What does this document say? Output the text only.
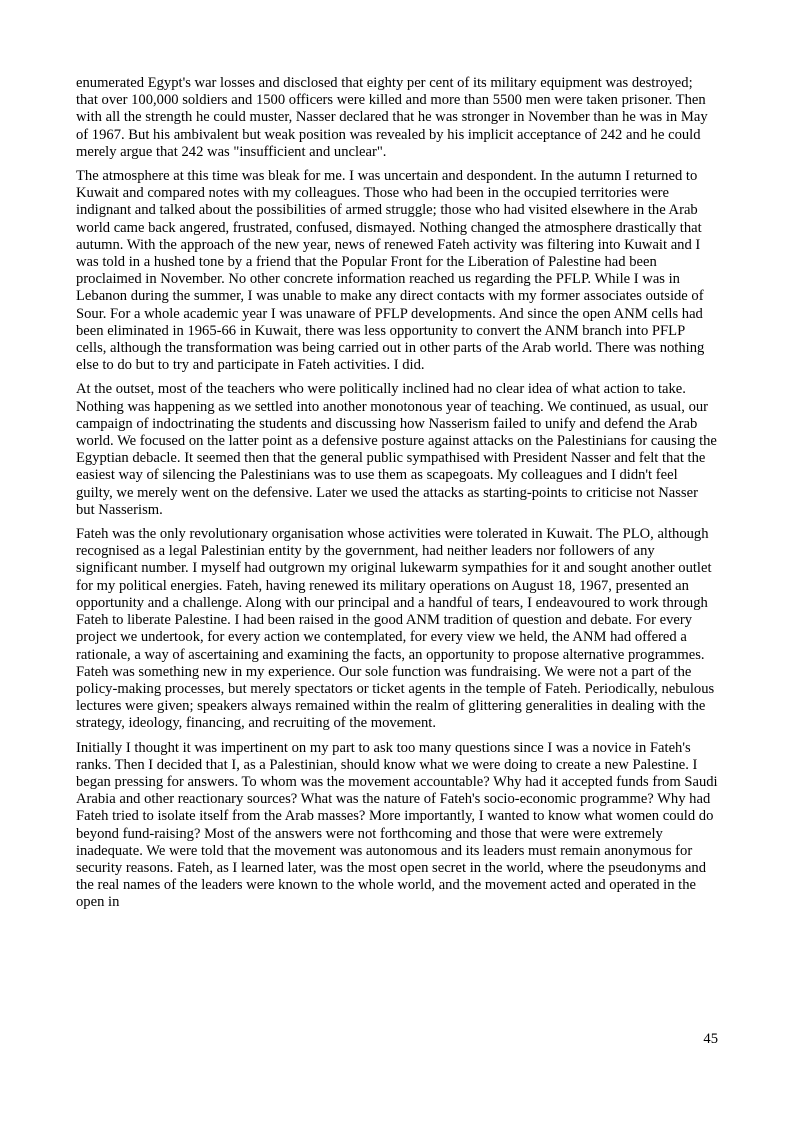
enumerated Egypt's war losses and disclosed that eighty per cent of its military equipment was destroyed; that over 100,000 soldiers and 1500 officers were killed and more than 5500 men were taken prisoner. Then with all the strength he could muster, Nasser declared that he was stronger in November than he was in May of 1967. But his ambivalent but weak position was revealed by his implicit acceptance of 242 and he could merely argue that 242 was "insufficient and unclear".

The atmosphere at this time was bleak for me. I was uncertain and despondent. In the autumn I returned to Kuwait and compared notes with my colleagues. Those who had been in the occupied territories were indignant and talked about the possibilities of armed struggle; those who had visited elsewhere in the Arab world came back angered, frustrated, confused, dismayed. Nothing changed the atmosphere drastically that autumn. With the approach of the new year, news of renewed Fateh activity was filtering into Kuwait and I was told in a hushed tone by a friend that the Popular Front for the Liberation of Palestine had been proclaimed in November. No other concrete information reached us regarding the PFLP. While I was in Lebanon during the summer, I was unable to make any direct contacts with my former associates outside of Sour. For a whole academic year I was unaware of PFLP developments. And since the open ANM cells had been eliminated in 1965-66 in Kuwait, there was less opportunity to convert the ANM branch into PFLP cells, although the transformation was being carried out in other parts of the Arab world. There was nothing else to do but to try and participate in Fateh activities. I did.

At the outset, most of the teachers who were politically inclined had no clear idea of what action to take. Nothing was happening as we settled into another monotonous year of teaching. We continued, as usual, our campaign of indoctrinating the students and discussing how Nasserism failed to unify and defend the Arab world. We focused on the latter point as a defensive posture against attacks on the Palestinians for causing the Egyptian debacle. It seemed then that the general public sympathised with President Nasser and felt that the easiest way of silencing the Palestinians was to use them as scapegoats. My colleagues and I didn't feel guilty, we merely went on the defensive. Later we used the attacks as starting-points to criticise not Nasser but Nasserism.

Fateh was the only revolutionary organisation whose activities were tolerated in Kuwait. The PLO, although recognised as a legal Palestinian entity by the government, had neither leaders nor followers of any significant number. I myself had outgrown my original lukewarm sympathies for it and sought another outlet for my political energies. Fateh, having renewed its military operations on August 18, 1967, presented an opportunity and a challenge. Along with our principal and a handful of tears, I endeavoured to work through Fateh to liberate Palestine. I had been raised in the good ANM tradition of question and debate. For every project we undertook, for every action we contemplated, for every view we held, the ANM had offered a rationale, a way of ascertaining and examining the facts, an opportunity to propose alternative programmes. Fateh was something new in my experience. Our sole function was fundraising. We were not a part of the policy-making processes, but merely spectators or ticket agents in the temple of Fateh. Periodically, nebulous lectures were given; speakers always remained within the realm of glittering generalities in dealing with the strategy, ideology, financing, and recruiting of the movement.

Initially I thought it was impertinent on my part to ask too many questions since I was a novice in Fateh's ranks. Then I decided that I, as a Palestinian, should know what we were doing to create a new Palestine. I began pressing for answers. To whom was the movement accountable? Why had it accepted funds from Saudi Arabia and other reactionary sources? What was the nature of Fateh's socio-economic programme? Why had Fateh tried to isolate itself from the Arab masses? More importantly, I wanted to know what women could do beyond fund-raising? Most of the answers were not forthcoming and those that were were extremely inadequate. We were told that the movement was autonomous and its leaders must remain anonymous for security reasons. Fateh, as I learned later, was the most open secret in the world, where the pseudonyms and the real names of the leaders were known to the whole world, and the movement acted and operated in the open in

45
